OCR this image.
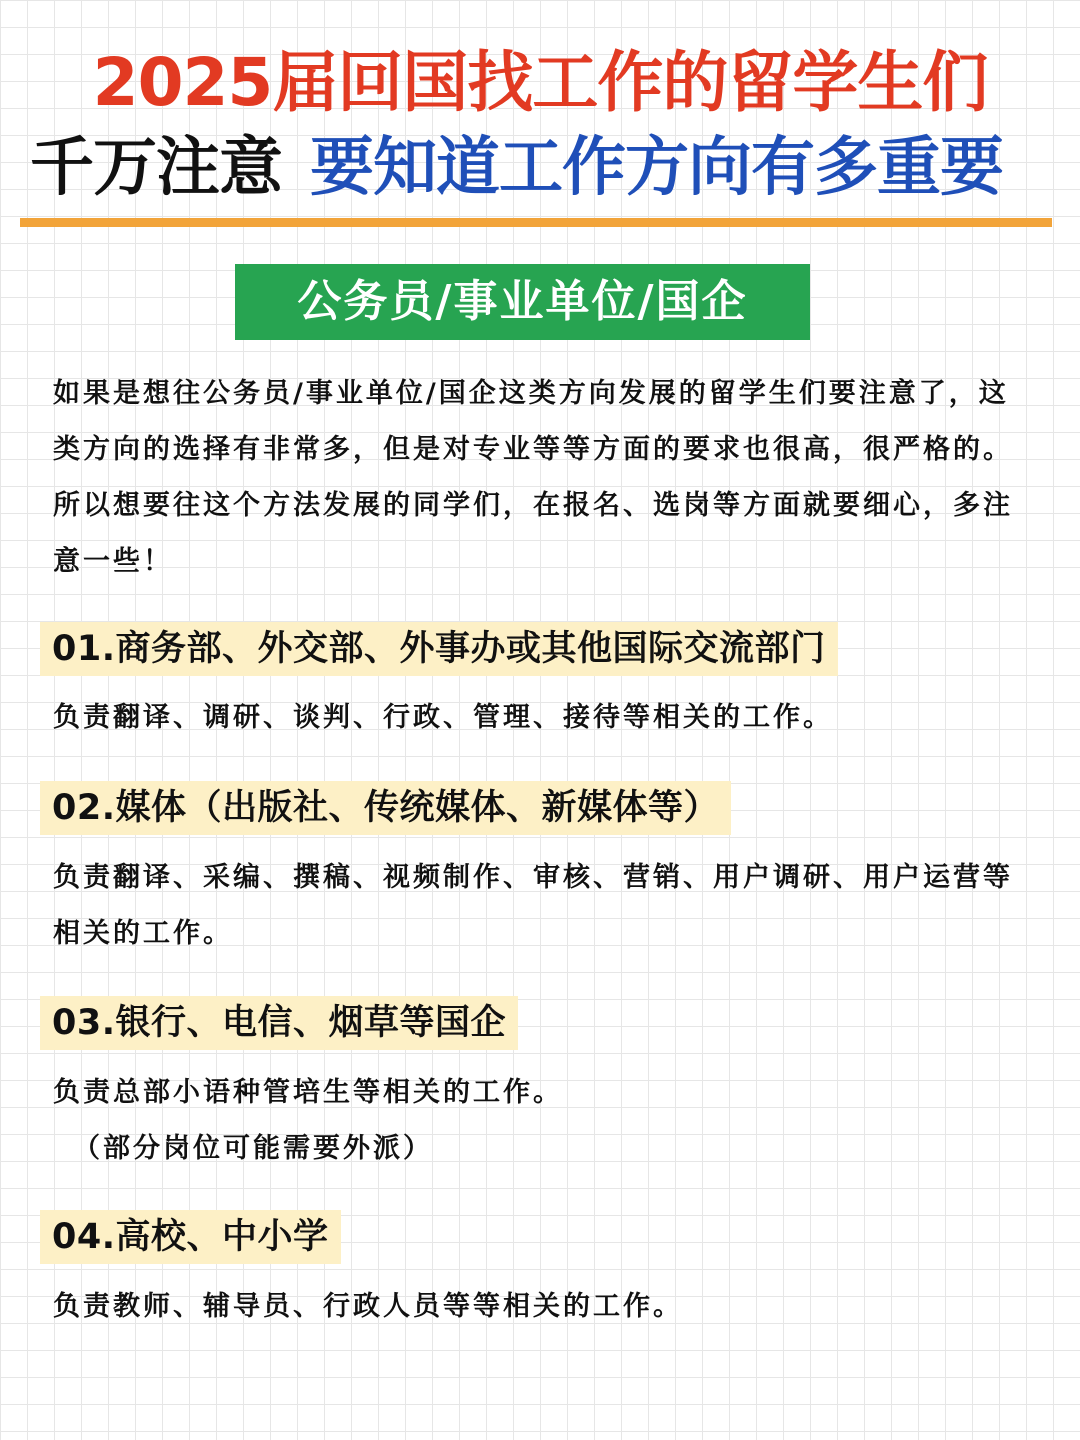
2025届回国找工作的留学生们
千万注意 要知道工作方向有多重要
公务员/事业单位/国企
如果是想往公务员/事业单位/国企这类方向发展的留学生们要注意了，这类方向的选择有非常多，但是对专业等等方面的要求也很高，很严格的。所以想要往这个方法发展的同学们，在报名、选岗等方面就要细心，多注意一些！
01.商务部、外交部、外事办或其他国际交流部门
负责翻译、调研、谈判、行政、管理、接待等相关的工作。
02.媒体（出版社、传统媒体、新媒体等）
负责翻译、采编、撰稿、视频制作、审核、营销、用户调研、用户运营等相关的工作。
03.银行、电信、烟草等国企
负责总部小语种管培生等相关的工作。
（部分岗位可能需要外派）
04.高校、中小学
负责教师、辅导员、行政人员等等相关的工作。
